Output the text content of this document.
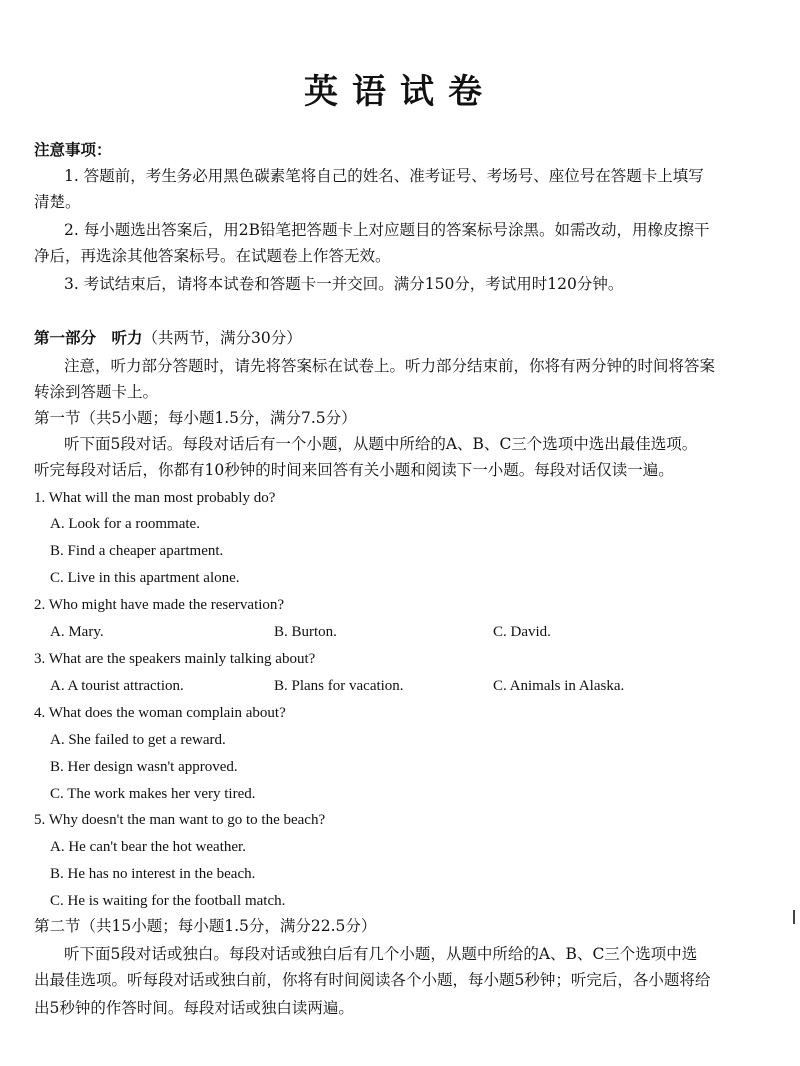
英语试卷
注意事项：
1. 答题前，考生务必用黑色碳素笔将自己的姓名、准考证号、考场号、座位号在答题卡上填写
清楚。
2. 每小题选出答案后，用2B铅笔把答题卡上对应题目的答案标号涂黑。如需改动，用橡皮擦干
净后，再选涂其他答案标号。在试题卷上作答无效。
3. 考试结束后，请将本试卷和答题卡一并交回。满分150分，考试用时120分钟。
第一部分　听力（共两节，满分30分）
注意，听力部分答题时，请先将答案标在试卷上。听力部分结束前，你将有两分钟的时间将答案
转涂到答题卡上。
第一节（共5小题；每小题1.5分，满分7.5分）
听下面5段对话。每段对话后有一个小题，从题中所给的A、B、C三个选项中选出最佳选项。
听完每段对话后，你都有10秒钟的时间来回答有关小题和阅读下一小题。每段对话仅读一遍。
1. What will the man most probably do?
A. Look for a roommate.
B. Find a cheaper apartment.
C. Live in this apartment alone.
2. Who might have made the reservation?
A. Mary.	B. Burton.	C. David.
3. What are the speakers mainly talking about?
A. A tourist attraction.	B. Plans for vacation.	C. Animals in Alaska.
4. What does the woman complain about?
A. She failed to get a reward.
B. Her design wasn't approved.
C. The work makes her very tired.
5. Why doesn't the man want to go to the beach?
A. He can't bear the hot weather.
B. He has no interest in the beach.
C. He is waiting for the football match.
第二节（共15小题；每小题1.5分，满分22.5分）
听下面5段对话或独白。每段对话或独白后有几个小题，从题中所给的A、B、C三个选项中选
出最佳选项。听每段对话或独白前，你将有时间阅读各个小题，每小题5秒钟；听完后，各小题将给
出5秒钟的作答时间。每段对话或独白读两遍。
